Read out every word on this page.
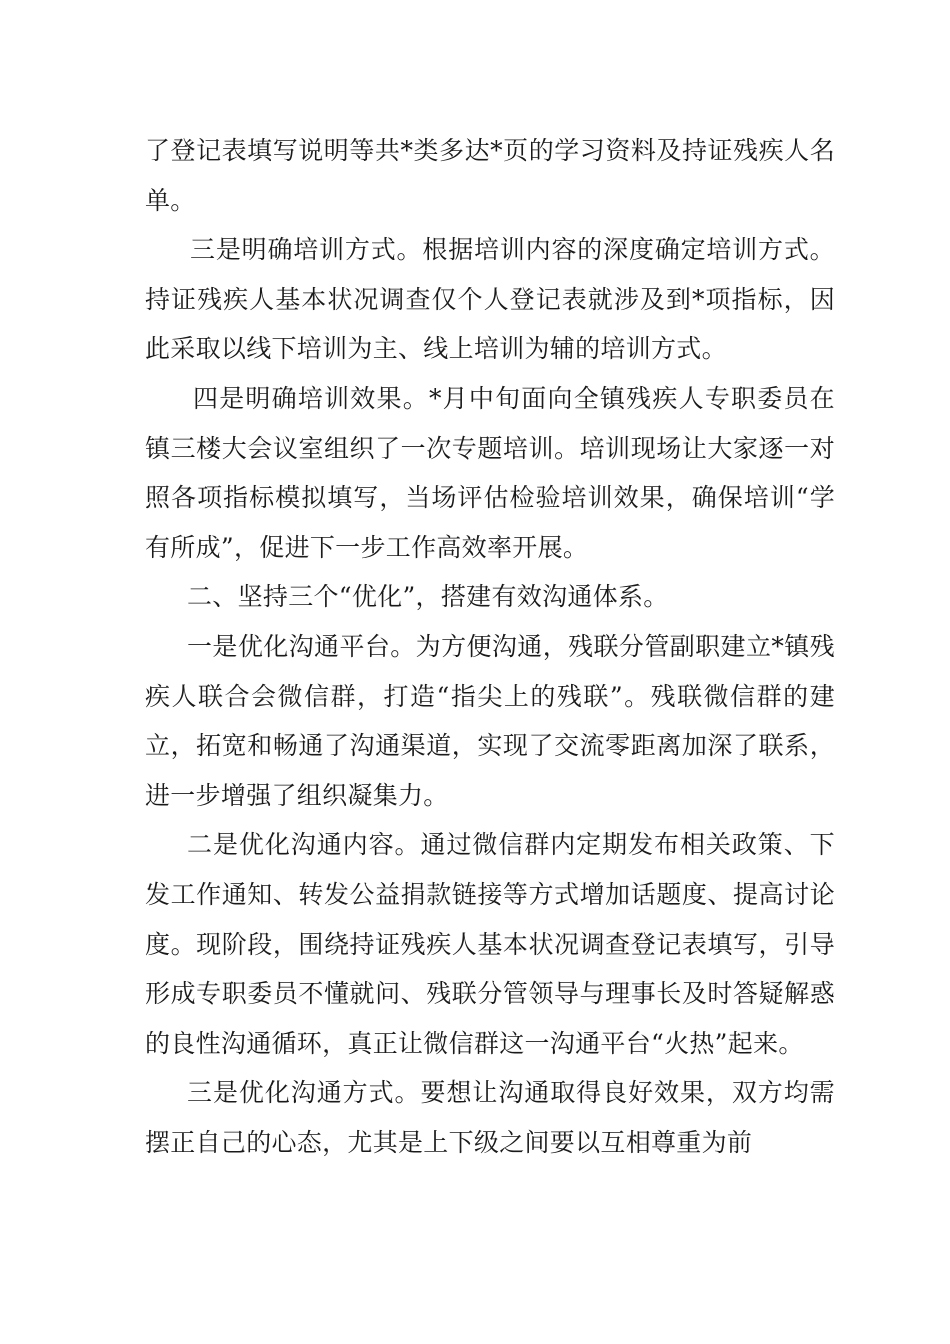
了登记表填写说明等共*类多达*页的学习资料及持证残疾人名单。

三是明确培训方式。根据培训内容的深度确定培训方式。持证残疾人基本状况调查仅个人登记表就涉及到*项指标，因此采取以线下培训为主、线上培训为辅的培训方式。

四是明确培训效果。*月中旬面向全镇残疾人专职委员在镇三楼大会议室组织了一次专题培训。培训现场让大家逐一对照各项指标模拟填写，当场评估检验培训效果，确保培训“学有所成”，促进下一步工作高效率开展。

二、坚持三个“优化”，搭建有效沟通体系。

一是优化沟通平台。为方便沟通，残联分管副职建立*镇残疾人联合会微信群，打造“指尖上的残联”。残联微信群的建立，拓宽和畅通了沟通渠道，实现了交流零距离加深了联系，进一步增强了组织凝集力。

二是优化沟通内容。通过微信群内定期发布相关政策、下发工作通知、转发公益捐款链接等方式增加话题度、提高讨论度。现阶段，围绕持证残疾人基本状况调查登记表填写，引导形成专职委员不懂就问、残联分管领导与理事长及时答疑解惑的良性沟通循环，真正让微信群这一沟通平台“火热”起来。

三是优化沟通方式。要想让沟通取得良好效果，双方均需摆正自己的心态，尤其是上下级之间要以互相尊重为前
